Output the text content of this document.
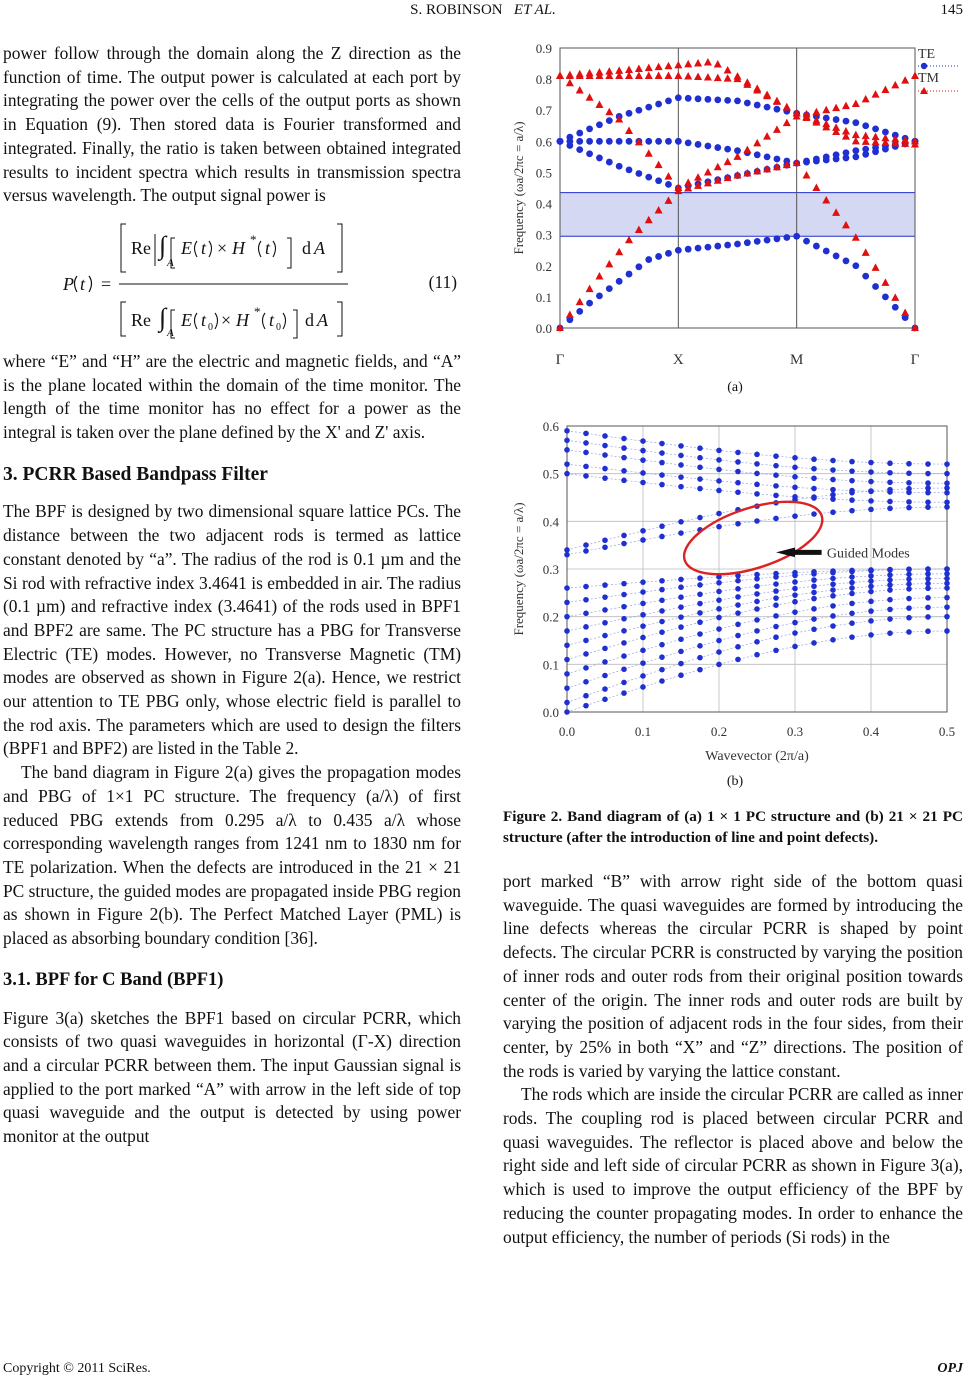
S. ROBINSON ET AL.	145

power follow through the domain along the Z direction as the function of time. The output power is calculated at each port by integrating the power over the cells of the output ports as shown in Equation (9). Then stored data is Fourier transformed and integrated. Finally, the ratio is taken between obtained integrated results to incident spectra which results in transmission spectra versus wavelength. The output signal power is

P t =
Re
A
∫ E t × H * t d A
Re
A
∫ E t 0 × H * t 0 d A
(11)

where “E” and “H” are the electric and magnetic fields, and “A” is the plane located within the domain of the time monitor. The length of the time monitor has no effect for a power as the integral is taken over the plane defined by the X' and Z' axis.

3. PCRR Based Bandpass Filter

The BPF is designed by two dimensional square lattice PCs. The distance between the two adjacent rods is termed as lattice constant denoted by “a”. The radius of the rod is 0.1 µm and the Si rod with refractive index 3.4641 is embedded in air. The radius (0.1 µm) and refractive index (3.4641) of the rods used in BPF1 and BPF2 are same. The PC structure has a PBG for Transverse Electric (TE) modes. However, no Transverse Magnetic (TM) modes are observed as shown in Figure 2(a). Hence, we restrict our attention to TE PBG only, whose electric field is parallel to the rod axis. The parameters which are used to design the filters (BPF1 and BPF2) are listed in the Table 2.

The band diagram in Figure 2(a) gives the propagation modes and PBG of 1×1 PC structure. The frequency (a/λ) of first reduced PBG extends from 0.295 a/λ to 0.435 a/λ whose corresponding wavelength ranges from 1241 nm to 1830 nm for TE polarization. When the defects are introduced in the 21 × 21 PC structure, the guided modes are propagated inside PBG region as shown in Figure 2(b). The Perfect Matched Layer (PML) is placed as absorbing boundary condition [36].

3.1. BPF for C Band (BPF1)

Figure 3(a) sketches the BPF1 based on circular PCRR, which consists of two quasi waveguides in horizontal (Γ-X) direction and a circular PCRR between them. The input Gaussian signal is applied to the port marked “A” with arrow in the left side of top quasi waveguide and the output is detected by using power monitor at the output

0.0
0.1
0.2
0.3
0.4
0.5
0.6
0.7
0.8
0.9
Γ	X	M	Γ
Frequency (ωa/2πc = a/λ)
TE
TM
(a)
0.0
0.1
0.2
0.3
0.4
0.5
0.6
0.0	0.1	0.2	0.3	0.4	0.5
Wavevector (2π/a)
Frequency (ωa/2πc = a/λ)	Guided Modes
(b)
Figure 2. Band diagram of (a) 1 × 1 PC structure and (b) 21 × 21 PC structure (after the introduction of line and point defects).

port marked “B” with arrow right side of the bottom quasi waveguide. The quasi waveguides are formed by introducing the line defects whereas the circular PCRR is shaped by point defects. The circular PCRR is constructed by varying the position of inner rods and outer rods from their original position towards center of the origin. The inner rods and outer rods are built by varying the position of adjacent rods in the four sides, from their center, by 25% in both “X” and “Z” directions. The position of the rods is varied by varying the lattice constant.

The rods which are inside the circular PCRR are called as inner rods. The coupling rod is placed between circular PCRR and quasi waveguides. The reflector is placed above and below the right side and left side of circular PCRR as shown in Figure 3(a), which is used to improve the output efficiency of the BPF by reducing the counter propagating modes. In order to enhance the output efficiency, the number of periods (Si rods) in the

Copyright © 2011 SciRes.	OPJ
